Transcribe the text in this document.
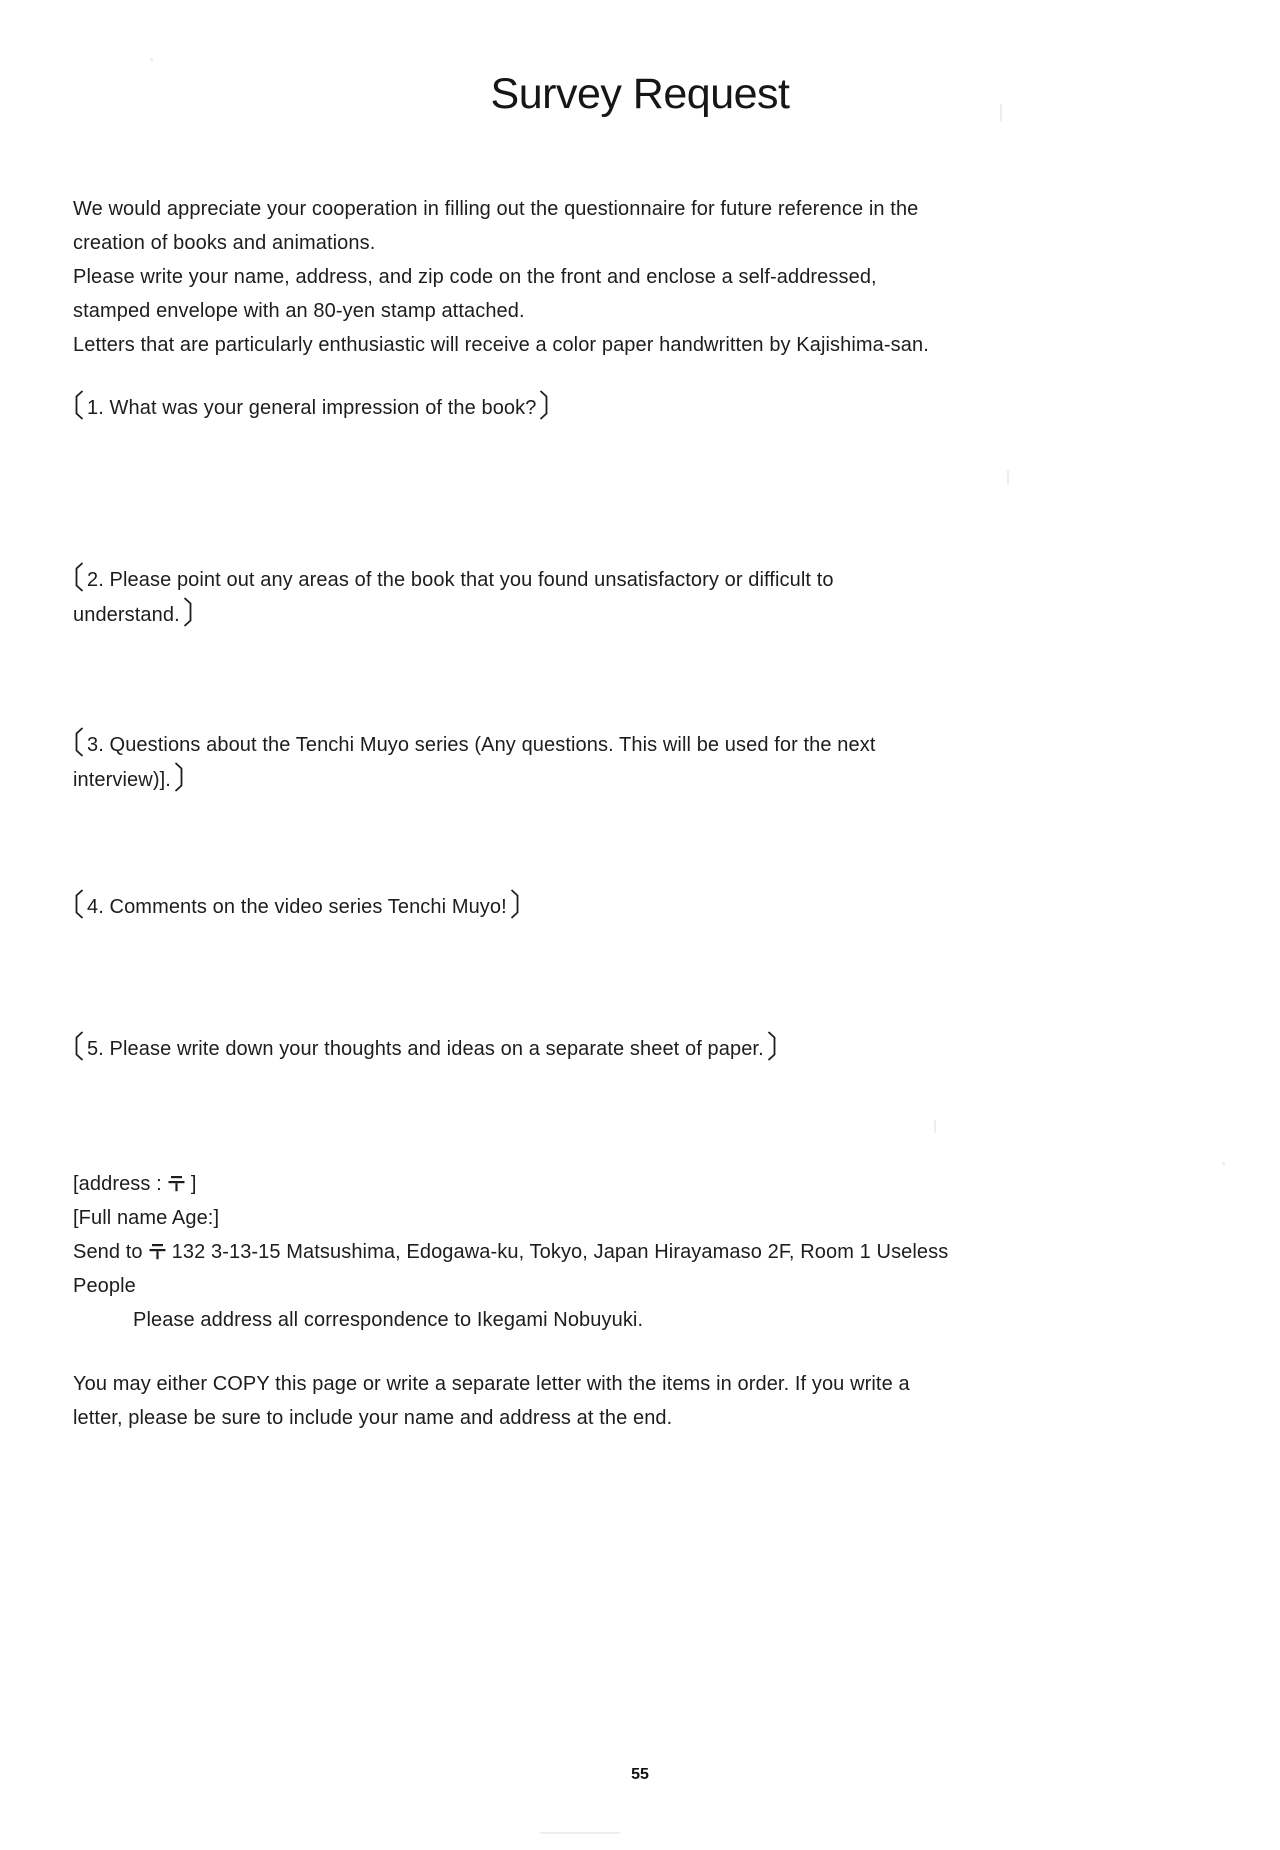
Survey Request
We would appreciate your cooperation in filling out the questionnaire for future reference in the
creation of books and animations.
Please write your name, address, and zip code on the front and enclose a self-addressed,
stamped envelope with an 80-yen stamp attached.
Letters that are particularly enthusiastic will receive a color paper handwritten by Kajishima-san.
1. What was your general impression of the book?
2. Please point out any areas of the book that you found unsatisfactory or difficult to
understand.
3. Questions about the Tenchi Muyo series (Any questions. This will be used for the next
interview)].
4. Comments on the video series Tenchi Muyo!
5. Please write down your thoughts and ideas on a separate sheet of paper.
[address : ]
[Full name Age:]
Send to 132 3-13-15 Matsushima, Edogawa-ku, Tokyo, Japan Hirayamaso 2F, Room 1 Useless
People
Please address all correspondence to Ikegami Nobuyuki.
You may either COPY this page or write a separate letter with the items in order. If you write a
letter, please be sure to include your name and address at the end.
55
